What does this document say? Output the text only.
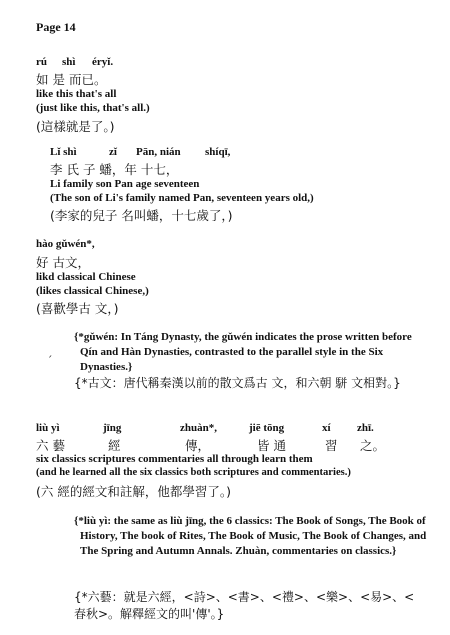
Page 14
rú shì éryǐ.
如 是 而已。
like this that's all
(just like this, that's all.)
(這樣就是了。)
Lǐ shì	zǐ Pān, nián shíqī,
李 氏 子 蟠，年 十七，
Li family son Pan age seventeen
(The son of Li's family named Pan, seventeen years old,)
(李家的兒子 名叫蟠，十七歲了，)
hào gǔwén*,
好 古文，
likd classical Chinese
(likes classical Chinese,)
(喜歡學古 文，)
{*gǔwén: In Táng Dynasty, the gǔwén indicates the prose written before Qín and Hàn Dynasties, contrasted to the parallel style in the Six Dynasties.}
ˊ
{*古文：唐代稱秦漢以前的散文爲古 文，和六朝 駢 文相對。}
liù yì	jīng	zhuàn*,	jiē tōng	xí zhī.
六 藝	經	傳，	皆 通	習 之。
six classics scriptures commentaries all through learn them
(and he learned all the six classics both scriptures and commentaries.)
(六 經的經文和註解，他都學習了。)
{*liù yì: the same as liù jīng, the 6 classics: The Book of Songs, The Book of History, The book of Rites, The Book of Music, The Book of Changes, and The Spring and Autumn Annals. Zhuàn, commentaries on classics.}
{*六藝：就是六經，<詩>、<書>、<禮>、<樂>、<易>、<春秋>。解釋經文的叫'傳'。}
